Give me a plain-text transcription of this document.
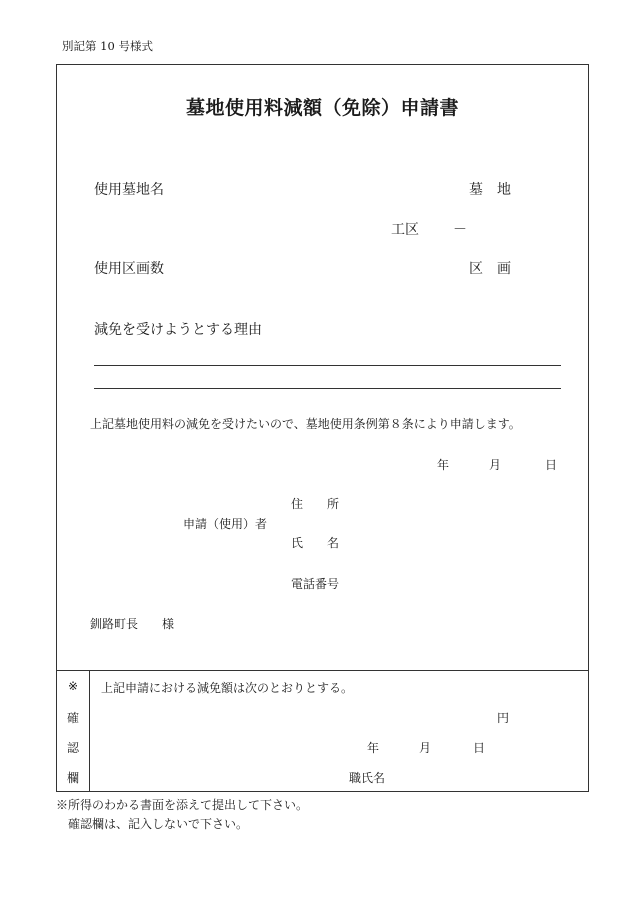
別記第 10 号様式
墓地使用料減額（免除）申請書
使用墓地名	墓　地
工区 －
使用区画数	区　画
減免を受けようとする理由
上記墓地使用料の減免を受けたいので、墓地使用条例第８条により申請します。
年	月	日
住　　所
申請（使用）者
氏　　名
電話番号
釧路町長　　様
※
確
認
欄
上記申請における減免額は次のとおりとする。
円
年	月	日
職氏名
※所得のわかる書面を添えて提出して下さい。
確認欄は、記入しないで下さい。
